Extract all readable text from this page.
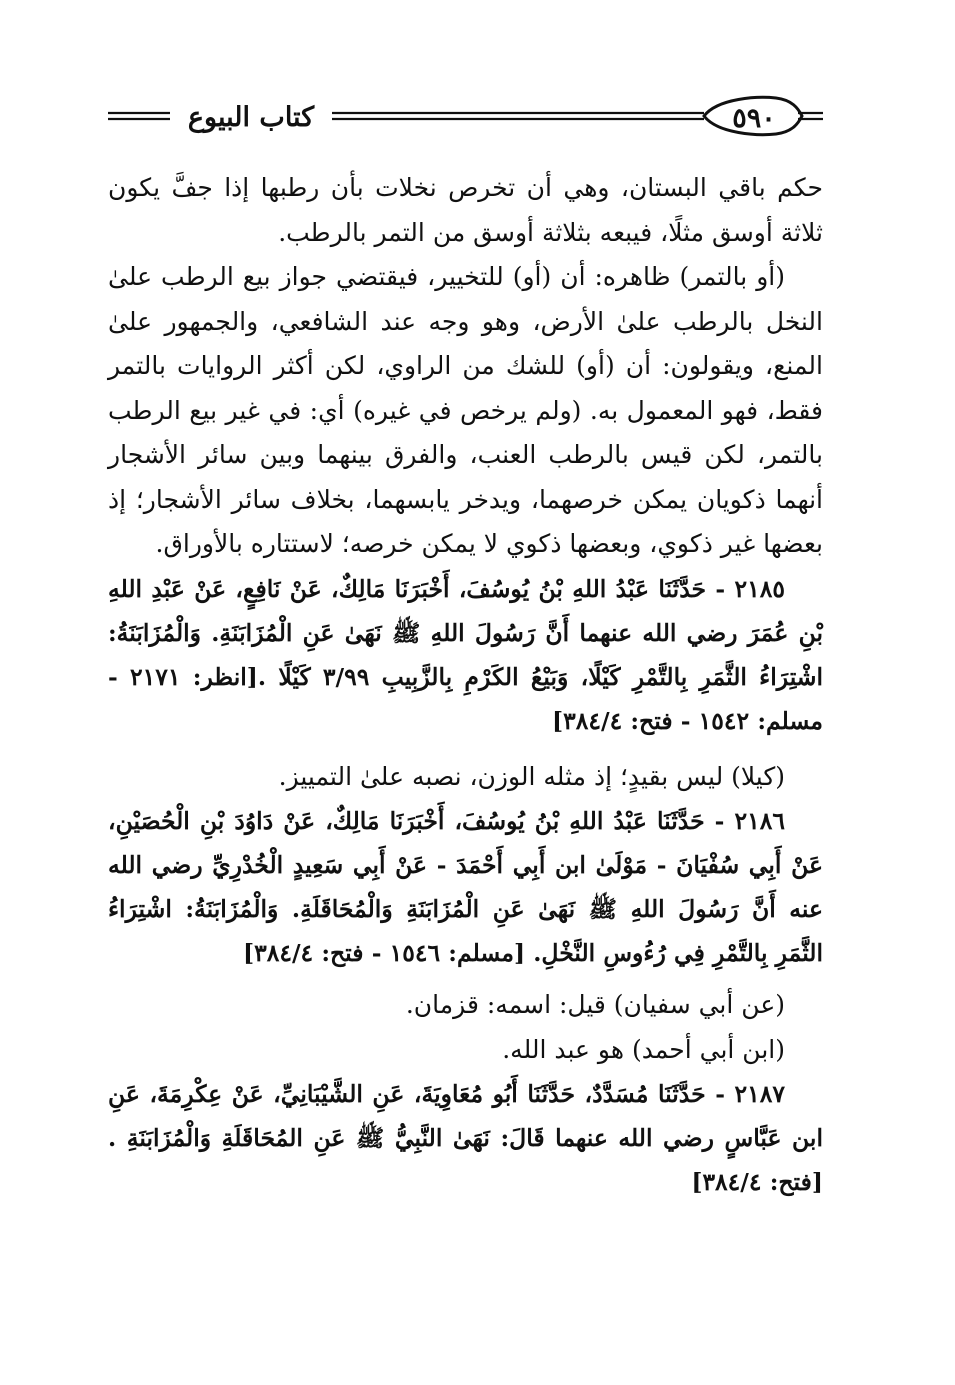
٥٩٠
كتاب البيوع

حكم باقي البستان، وهي أن تخرص نخلات بأن رطبها إذا جفَّ يكون ثلاثة أوسق مثلًا، فيبعه بثلاثة أوسق من التمر بالرطب.

(أو بالتمر) ظاهره: أن (أو) للتخيير، فيقتضي جواز بيع الرطب علىٰ النخل بالرطب علىٰ الأرض، وهو وجه عند الشافعي، والجمهور علىٰ المنع، ويقولون: أن (أو) للشك من الراوي، لكن أكثر الروايات بالتمر فقط، فهو المعمول به. (ولم يرخص في غيره) أي: في غير بيع الرطب بالتمر، لكن قيس بالرطب العنب، والفرق بينهما وبين سائر الأشجار أنهما ذكويان يمكن خرصهما، ويدخر يابسهما، بخلاف سائر الأشجار؛ إذ بعضها غير ذكوي، وبعضها ذكوي لا يمكن خرصه؛ لاستتاره بالأوراق.

٢١٨٥ - حَدَّثَنَا عَبْدُ اللهِ بْنُ يُوسُفَ، أَخْبَرَنَا مَالِكٌ، عَنْ نَافِعٍ، عَنْ عَبْدِ اللهِ بْنِ عُمَرَ رضي الله عنهما أَنَّ رَسُولَ اللهِ ﷺ نَهَىٰ عَنِ الْمُزَابَنَةِ. وَالْمُزَابَنَةُ: اشْتِرَاءُ الثَّمَرِ بِالتَّمْرِ كَيْلًا، وَبَيْعُ الكَرْمِ بِالزَّبِيبِ ٣/٩٩ كَيْلًا .[انظر: ٢١٧١ - مسلم: ١٥٤٢ - فتح: ٣٨٤/٤]

(كيلا) ليس بقيدٍ؛ إذ مثله الوزن، نصبه علىٰ التمييز.

٢١٨٦ - حَدَّثَنَا عَبْدُ اللهِ بْنُ يُوسُفَ، أَخْبَرَنَا مَالِكٌ، عَنْ دَاوُدَ بْنِ الْحُصَيْنِ، عَنْ أَبِي سُفْيَانَ - مَوْلَىٰ ابن أَبِي أَحْمَدَ - عَنْ أَبِي سَعِيدٍ الْخُدْرِيِّ رضي الله عنه أَنَّ رَسُولَ اللهِ ﷺ نَهَىٰ عَنِ الْمُزَابَنَةِ وَالْمُحَاقَلَةِ. وَالْمُزَابَنَةُ: اشْتِرَاءُ الثَّمَرِ بِالتَّمْرِ فِي رُءُوسِ النَّخْلِ. [مسلم: ١٥٤٦ - فتح: ٣٨٤/٤]

(عن أبي سفيان) قيل: اسمه: قزمان.

(ابن أبي أحمد) هو عبد الله.

٢١٨٧ - حَدَّثَنَا مُسَدَّدٌ، حَدَّثَنَا أَبُو مُعَاوِيَةَ، عَنِ الشَّيْبَانِيِّ، عَنْ عِكْرِمَةَ، عَنِ ابن عَبَّاسٍ رضي الله عنهما قَالَ: نَهَىٰ النَّبِيُّ ﷺ عَنِ المُحَاقَلَةِ وَالْمُزَابَنَةِ .[فتح: ٣٨٤/٤]
